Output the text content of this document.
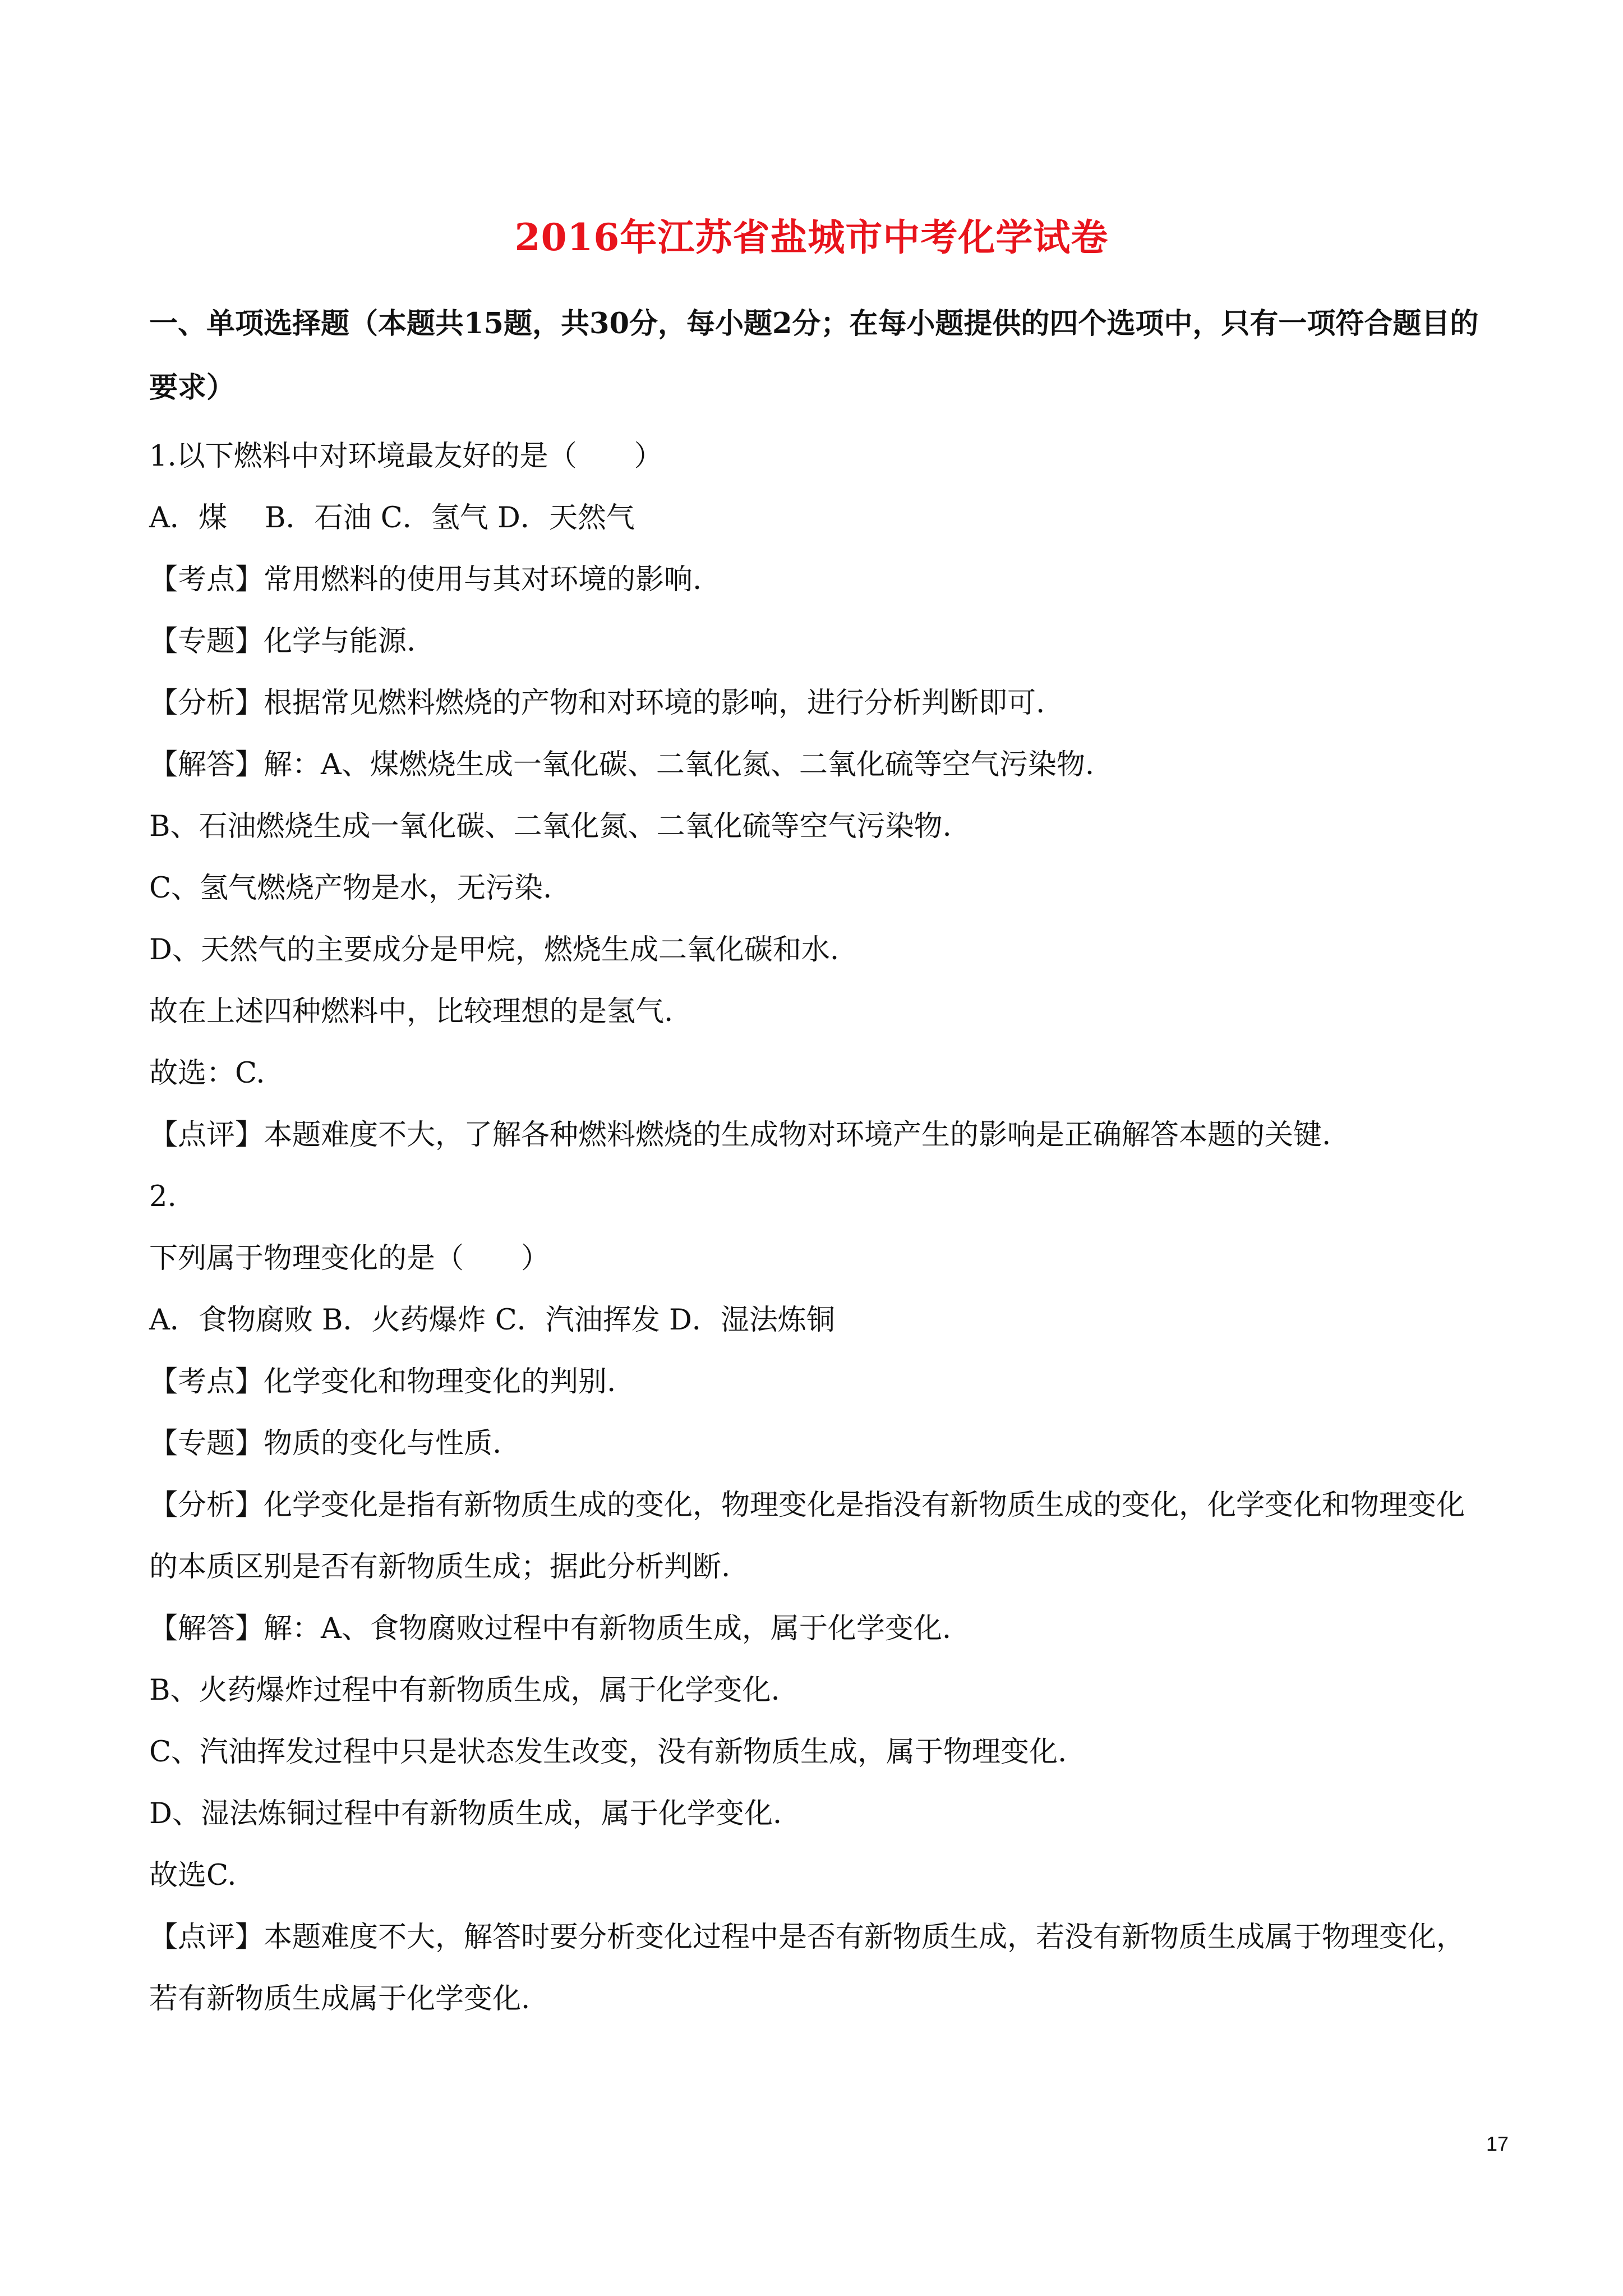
2016年江苏省盐城市中考化学试卷
一、单项选择题（本题共15题，共30分，每小题2分；在每小题提供的四个选项中，只有一项符合题目的要求）
1.以下燃料中对环境最友好的是（　　）
A．煤　 B．石油 C．氢气 D．天然气
【考点】常用燃料的使用与其对环境的影响.
【专题】化学与能源.
【分析】根据常见燃料燃烧的产物和对环境的影响，进行分析判断即可.
【解答】解：A、煤燃烧生成一氧化碳、二氧化氮、二氧化硫等空气污染物.
B、石油燃烧生成一氧化碳、二氧化氮、二氧化硫等空气污染物.
C、氢气燃烧产物是水，无污染.
D、天然气的主要成分是甲烷，燃烧生成二氧化碳和水.
故在上述四种燃料中，比较理想的是氢气.
故选：C.
【点评】本题难度不大，了解各种燃料燃烧的生成物对环境产生的影响是正确解答本题的关键.
2.
下列属于物理变化的是（　　）
A．食物腐败 B．火药爆炸 C．汽油挥发 D．湿法炼铜
【考点】化学变化和物理变化的判别.
【专题】物质的变化与性质.
【分析】化学变化是指有新物质生成的变化，物理变化是指没有新物质生成的变化，化学变化和物理变化
的本质区别是否有新物质生成；据此分析判断.
【解答】解：A、食物腐败过程中有新物质生成，属于化学变化.
B、火药爆炸过程中有新物质生成，属于化学变化.
C、汽油挥发过程中只是状态发生改变，没有新物质生成，属于物理变化.
D、湿法炼铜过程中有新物质生成，属于化学变化.
故选C.
【点评】本题难度不大，解答时要分析变化过程中是否有新物质生成，若没有新物质生成属于物理变化，
若有新物质生成属于化学变化.
17
